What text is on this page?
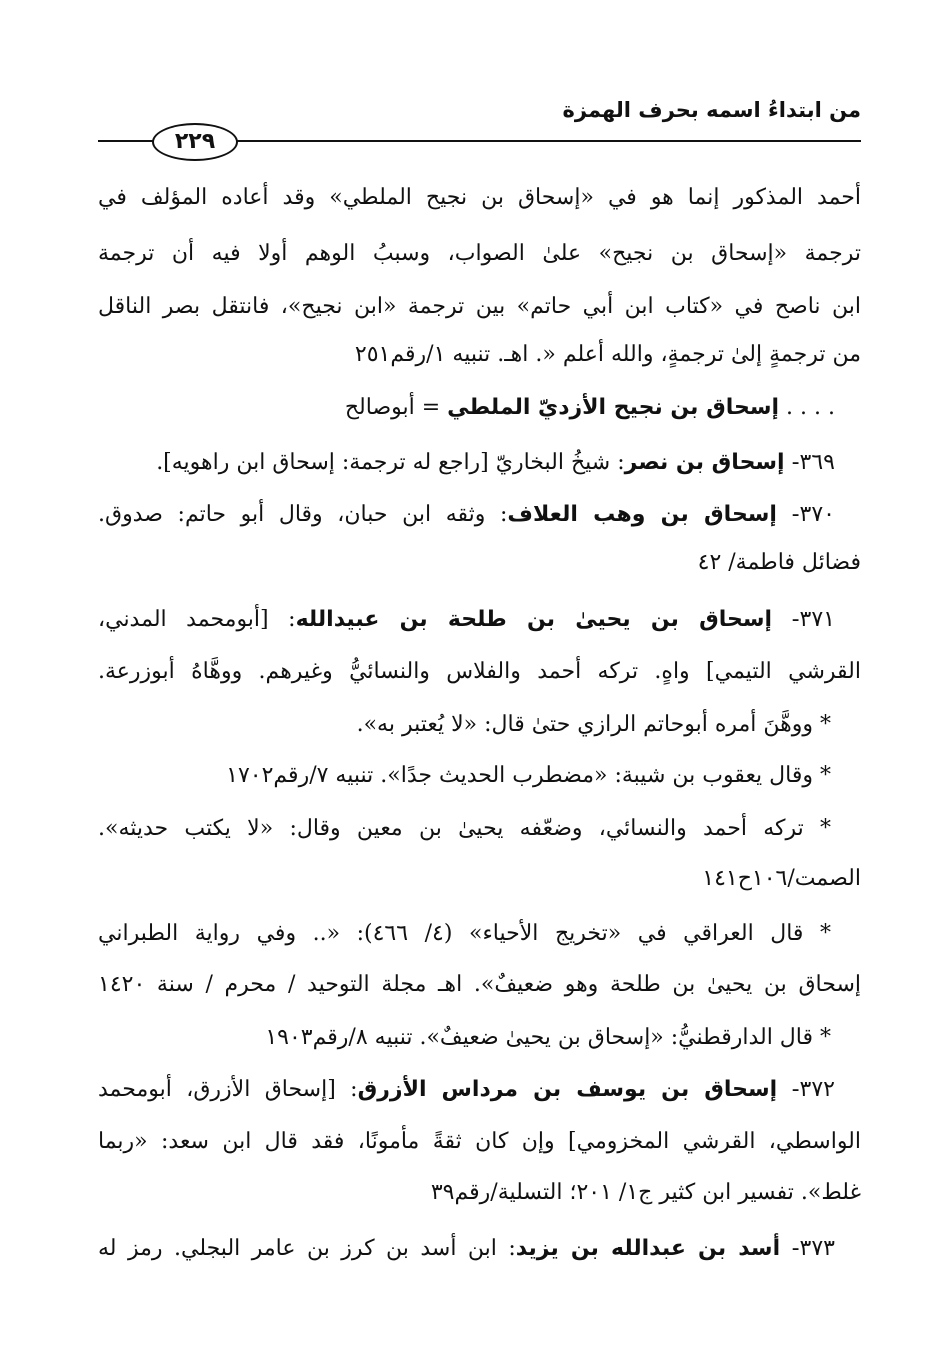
من ابتداءُ اسمه بحرف الهمزة
٢٢٩
أحمد المذكور إنما هو في «إسحاق بن نجيح الملطي» وقد أعاده المؤلف في
ترجمة «إسحاق بن نجيح» علىٰ الصواب، وسببُ الوهم أولا فيه أن ترجمة
ابن ناصح في «كتاب ابن أبي حاتم» بين ترجمة «ابن نجيح»، فانتقل بصر الناقل
من ترجمةٍ إلىٰ ترجمةٍ، والله أعلم «. اهـ. تنبيه ١/رقم٢٥١
. . . . إسحاق بن نجيح الأزديّ الملطي = أبوصالح
٣٦٩- إسحاق بن نصر: شيخُ البخاريّ [راجع له ترجمة: إسحاق ابن راهويه].
٣٧٠- إسحاق بن وهب العلاف: وثقه ابن حبان، وقال أبو حاتم: صدوق.
فضائل فاطمة/ ٤٢
٣٧١- إسحاق بن يحيىٰ بن طلحة بن عبيدالله: [أبومحمد المدني،
القرشي التيمي] واهٍ. تركه أحمد والفلاس والنسائيُّ وغيرهم. ووهَّاهُ أبوزرعة.
* ووهَّنَ أمره أبوحاتم الرازي حتىٰ قال: «لا يُعتبر به».
* وقال يعقوب بن شيبة: «مضطرب الحديث جدًا». تنبيه ٧/رقم١٧٠٢
* تركه أحمد والنسائي، وضعّفه يحيىٰ بن معين وقال: «لا يكتب حديثه».
الصمت/١٠٦ح١٤١
* قال العراقي في «تخريج الأحياء» (٤/ ٤٦٦): «.. وفي رواية الطبراني
إسحاق بن يحيىٰ بن طلحة وهو ضعيفٌ». اهـ مجلة التوحيد / محرم / سنة ١٤٢٠
* قال الدارقطنيُّ: «إسحاق بن يحيىٰ ضعيفٌ». تنبيه ٨/رقم١٩٠٣
٣٧٢- إسحاق بن يوسف بن مرداس الأزرق: [إسحاق الأزرق، أبومحمد
الواسطي، القرشي المخزومي] وإن كان ثقةً مأمونًا، فقد قال ابن سعد: «ربما
غلط». تفسير ابن كثير ج١/ ٢٠١؛ التسلية/رقم٣٩
٣٧٣- أسد بن عبدالله بن يزيد: ابن أسد بن كرز بن عامر البجلي. رمز له
